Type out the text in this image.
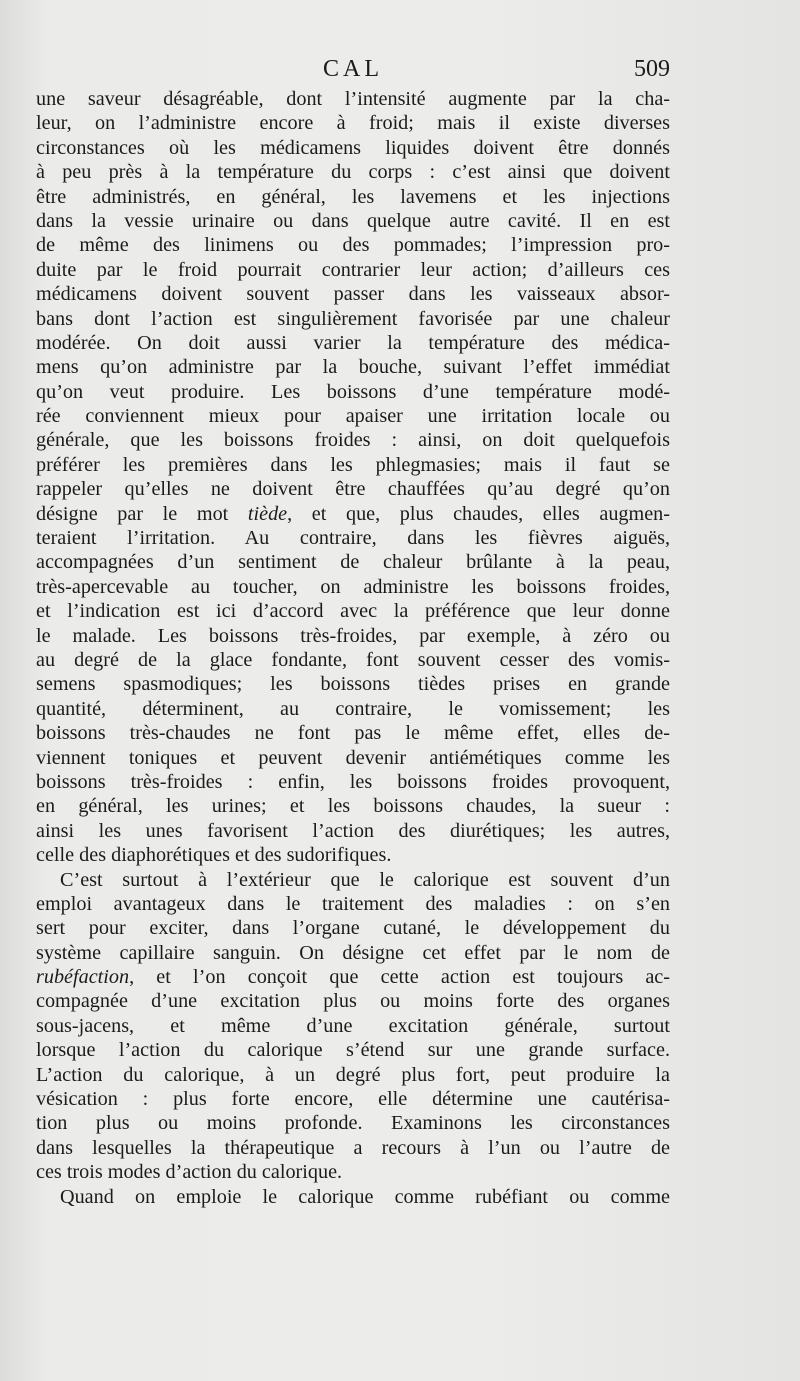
CAL	509
une saveur désagréable, dont l’intensité augmente par la cha-
leur, on l’administre encore à froid; mais il existe diverses
circonstances où les médicamens liquides doivent être donnés
à peu près à la température du corps : c’est ainsi que doivent
être administrés, en général, les lavemens et les injections
dans la vessie urinaire ou dans quelque autre cavité. Il en est
de même des linimens ou des pommades; l’impression pro-
duite par le froid pourrait contrarier leur action; d’ailleurs ces
médicamens doivent souvent passer dans les vaisseaux absor-
bans dont l’action est singulièrement favorisée par une chaleur
modérée. On doit aussi varier la température des médica-
mens qu’on administre par la bouche, suivant l’effet immédiat
qu’on veut produire. Les boissons d’une température modé-
rée conviennent mieux pour apaiser une irritation locale ou
générale, que les boissons froides : ainsi, on doit quelquefois
préférer les premières dans les phlegmasies; mais il faut se
rappeler qu’elles ne doivent être chauffées qu’au degré qu’on
désigne par le mot tiède, et que, plus chaudes, elles augmen-
teraient l’irritation. Au contraire, dans les fièvres aiguës,
accompagnées d’un sentiment de chaleur brûlante à la peau,
très-apercevable au toucher, on administre les boissons froides,
et l’indication est ici d’accord avec la préférence que leur donne
le malade. Les boissons très-froides, par exemple, à zéro ou
au degré de la glace fondante, font souvent cesser des vomis-
semens spasmodiques; les boissons tièdes prises en grande
quantité, déterminent, au contraire, le vomissement; les
boissons très-chaudes ne font pas le même effet, elles de-
viennent toniques et peuvent devenir antiémétiques comme les
boissons très-froides : enfin, les boissons froides provoquent,
en général, les urines; et les boissons chaudes, la sueur :
ainsi les unes favorisent l’action des diurétiques; les autres,
celle des diaphorétiques et des sudorifiques.
C’est surtout à l’extérieur que le calorique est souvent d’un
emploi avantageux dans le traitement des maladies : on s’en
sert pour exciter, dans l’organe cutané, le développement du
système capillaire sanguin. On désigne cet effet par le nom de
rubéfaction, et l’on conçoit que cette action est toujours ac-
compagnée d’une excitation plus ou moins forte des organes
sous-jacens, et même d’une excitation générale, surtout
lorsque l’action du calorique s’étend sur une grande surface.
L’action du calorique, à un degré plus fort, peut produire la
vésication : plus forte encore, elle détermine une cautérisa-
tion plus ou moins profonde. Examinons les circonstances
dans lesquelles la thérapeutique a recours à l’un ou l’autre de
ces trois modes d’action du calorique.
Quand on emploie le calorique comme rubéfiant ou comme
